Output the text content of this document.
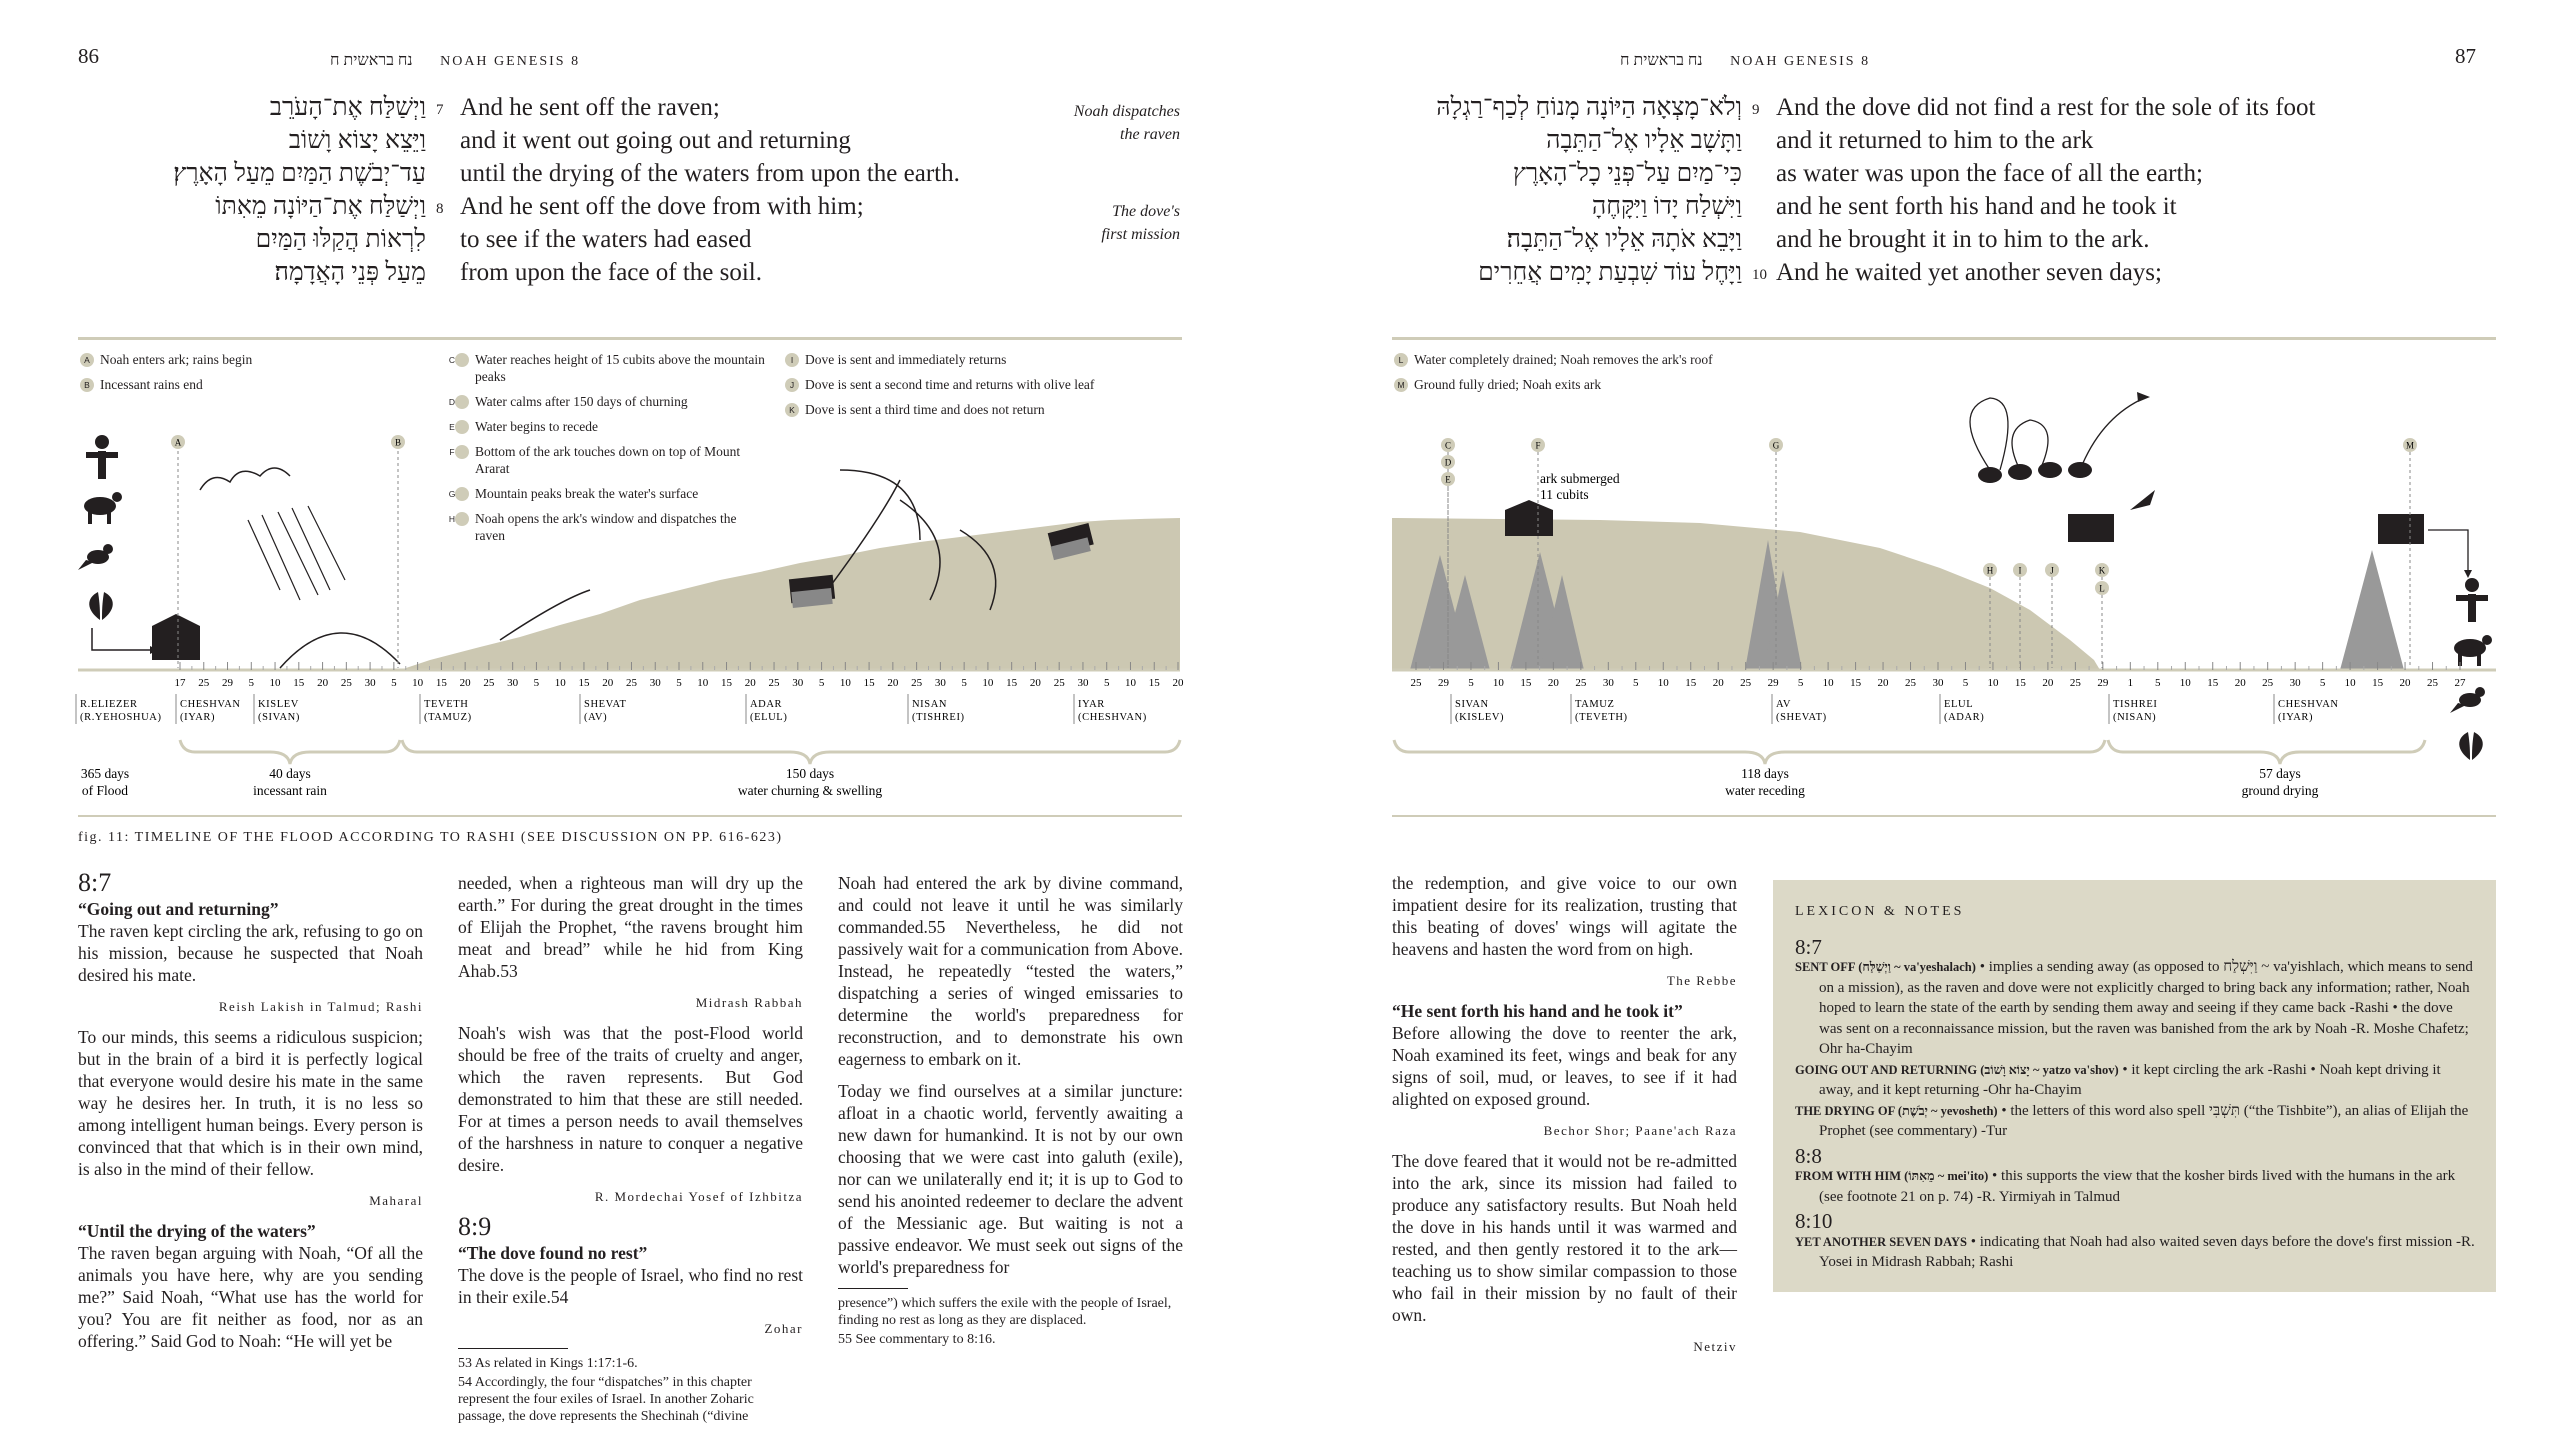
86	נח בראשית ח NOAH GENESIS 8
וַיְשַׁלַּח אֶת־הָעֹרֵב 7 And he sent off the raven;
וַיֵּצֵא יָצוֹא וָשׁוֹב and it went out going out and returning
עַד־יְבֹשֶׁת הַמַּיִם מֵעַל הָאָרֶץ׃ until the drying of the waters from upon the earth.
וַיְשַׁלַּח אֶת־הַיּוֹנָה מֵאִתּוֹ 8 And he sent off the dove from with him;
לִרְאוֹת הֲקַלּוּ הַמַּיִם to see if the waters had eased
מֵעַל פְּנֵי הָאֲדָמָה׃ from upon the face of the soil.
Noah dispatches
the raven
The dove's
first mission
A Noah enters ark; rains begin
B Incessant rains end
C Water reaches height of 15 cubits above the mountain peaks
D Water calms after 150 days of churning
E Water begins to recede
F Bottom of the ark touches down on top of Mount Ararat
G Mountain peaks break the water's surface
H Noah opens the ark's window and dispatches the raven
I Dove is sent and immediately returns
J Dove is sent a second time and returns with olive leaf
K Dove is sent a third time and does not return
A	B
17 25 29 5 10 15 20 25 30 5 10 15 20 25 30 5 10 15 20 25 30 5 10 15 20 25 30 5 10 15 20 25 30 5 10 15 20 25 30 5 10 15 20
R.ELIEZER
(R.YEHOSHUA)
CHESHVAN
(IYAR)
KISLEV
(SIVAN)
TEVETH
(TAMUZ)
SHEVAT
(AV)
ADAR
(ELUL)
NISAN
(TISHREI)
IYAR
(CHESHVAN)
365 days
of Flood
40 days
incessant rain
150 days
water churning & swelling
fig. 11: TIMELINE OF THE FLOOD ACCORDING TO RASHI (SEE DISCUSSION ON PP. 616-623)
8:7
“Going out and returning”

The raven kept circling the ark, refusing to go on his mission, because he suspected that Noah desired his mate.

Reish Lakish in Talmud; Rashi

To our minds, this seems a ridiculous suspicion; but in the brain of a bird it is perfectly logical that everyone would desire his mate in the same way he desires her. In truth, it is no less so among intelligent human beings. Every person is convinced that that which is in their own mind, is also in the mind of their fellow.

Maharal
“Until the drying of the waters”

The raven began arguing with Noah, “Of all the animals you have here, why are you sending me?” Said Noah, “What use has the world for you? You are fit neither as food, nor as an offering.” Said God to Noah: “He will yet be

needed, when a righteous man will dry up the earth.” For during the great drought in the times of Elijah the Prophet, “the ravens brought him meat and bread” while he hid from King Ahab.53

Midrash Rabbah

Noah's wish was that the post-Flood world should be free of the traits of cruelty and anger, which the raven represents. But God demonstrated to him that these are still needed. For at times a person needs to avail themselves of the harshness in nature to conquer a negative desire.

R. Mordechai Yosef of Izhbitza
8:9
“The dove found no rest”

The dove is the people of Israel, who find no rest in their exile.54

Zohar
53 As related in Kings 1:17:1-6.
54 Accordingly, the four “dispatches” in this chapter represent the four exiles of Israel. In another Zoharic passage, the dove represents the Shechinah (“divine

Noah had entered the ark by divine command, and could not leave it until he was similarly commanded.55 Nevertheless, he did not passively wait for a communication from Above. Instead, he repeatedly “tested the waters,” dispatching a series of winged emissaries to determine the world's preparedness for reconstruction, and to demonstrate his own eagerness to embark on it.

Today we find ourselves at a similar juncture: afloat in a chaotic world, fervently awaiting a new dawn for humankind. It is not by our own choosing that we were cast into galuth (exile), nor can we unilaterally end it; it is up to God to send his anointed redeemer to declare the advent of the Messianic age. But waiting is not a passive endeavor. We must seek out signs of the world's preparedness for

presence”) which suffers the exile with the people of Israel, finding no rest as long as they are displaced.
55 See commentary to 8:16.
נח בראשית ח NOAH GENESIS 8	87
וְלֹא־מָצְאָה הַיּוֹנָה מָנוֹחַ לְכַף־רַגְלָהּ 9 And the dove did not find a rest for the sole of its foot
וַתָּשָׁב אֵלָיו אֶל־הַתֵּבָה and it returned to him to the ark
כִּי־מַיִם עַל־פְּנֵי כָל־הָאָרֶץ as water was upon the face of all the earth;
וַיִּשְׁלַח יָדוֹ וַיִּקָּחֶהָ and he sent forth his hand and he took it
וַיָּבֵא אֹתָהּ אֵלָיו אֶל־הַתֵּבָה׃ and he brought it in to him to the ark.
וַיָּחֶל עוֹד שִׁבְעַת יָמִים אֲחֵרִים 10 And he waited yet another seven days;
L Water completely drained; Noah removes the ark's roof
M Ground fully dried; Noah exits ark
ark submerged
11 cubits
C
D
E
F	G
H	I	J	K
L
M
25 29 5 10 15 20 25 30 5 10 15 20 25 29 5 10 15 20 25 30 5 10 15 20 25 29 1 5 10 15 20 25 30 5 10 15 20 25 27
SIVAN
(KISLEV)
TAMUZ
(TEVETH)
AV
(SHEVAT)
ELUL
(ADAR)
TISHREI
(NISAN)
CHESHVAN
(IYAR)
118 days
water receding
57 days
ground drying

the redemption, and give voice to our own impatient desire for its realization, trusting that this beating of doves' wings will agitate the heavens and hasten the word from on high.

The Rebbe
“He sent forth his hand and he took it”

Before allowing the dove to reenter the ark, Noah examined its feet, wings and beak for any signs of soil, mud, or leaves, to see if it had alighted on exposed ground.

Bechor Shor; Paane'ach Raza

The dove feared that it would not be re-admitted into the ark, since its mission had failed to produce any satisfactory results. But Noah held the dove in his hands until it was warmed and rested, and then gently restored it to the ark—teaching us to show similar compassion to those who fail in their mission by no fault of their own.

Netziv
LEXICON & NOTES
8:7
SENT OFF (וַיְשַׁלַּח ~ va'yeshalach) • implies a sending away (as opposed to וַיִּשְׁלַח ~ va'yishlach, which means to send on a mission), as the raven and dove were not explicitly charged to bring back any information; rather, Noah hoped to learn the state of the earth by sending them away and seeing if they came back -Rashi • the dove was sent on a reconnaissance mission, but the raven was banished from the ark by Noah -R. Moshe Chafetz; Ohr ha-Chayim
GOING OUT AND RETURNING (יָצוֹא וָשׁוֹב ~ yatzo va'shov) • it kept circling the ark -Rashi • Noah kept driving it away, and it kept returning -Ohr ha-Chayim
THE DRYING OF (יְבֹשֶׁת ~ yevosheth) • the letters of this word also spell תִּשְׁבִּי (“the Tishbite”), an alias of Elijah the Prophet (see commentary) -Tur
8:8
FROM WITH HIM (מֵאִתּוֹ ~ mei'ito) • this supports the view that the kosher birds lived with the humans in the ark (see footnote 21 on p. 74) -R. Yirmiyah in Talmud
8:10
YET ANOTHER SEVEN DAYS • indicating that Noah had also waited seven days before the dove's first mission -R. Yosei in Midrash Rabbah; Rashi
